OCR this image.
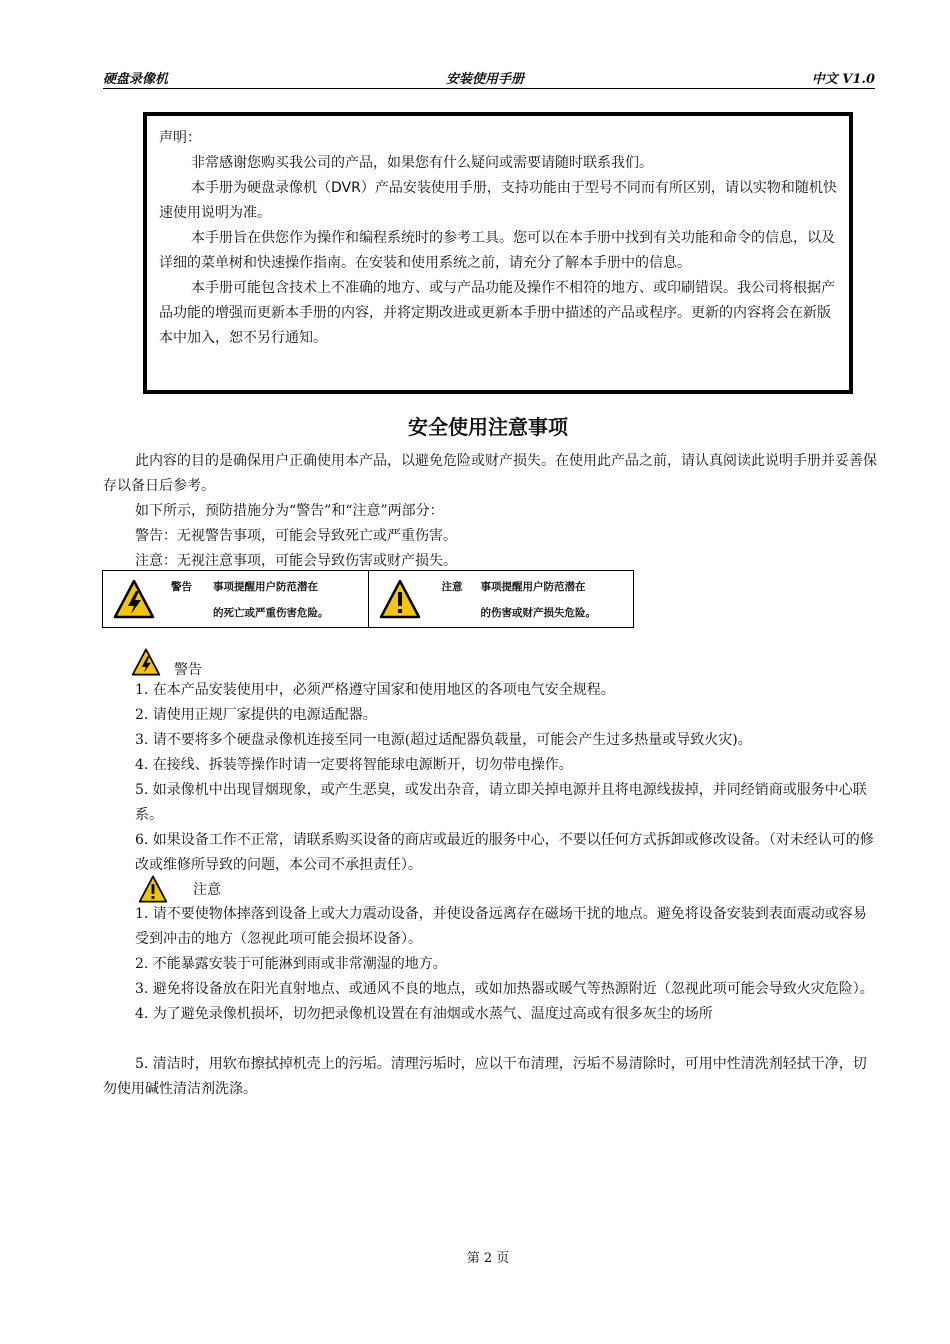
硬盘录像机	安装使用手册	中文 V1.0

声明：

非常感谢您购买我公司的产品，如果您有什么疑问或需要请随时联系我们。

本手册为硬盘录像机（DVR）产品安装使用手册，支持功能由于型号不同而有所区别，请以实物和随机快速使用说明为准。

本手册旨在供您作为操作和编程系统时的参考工具。您可以在本手册中找到有关功能和命令的信息，以及详细的菜单树和快速操作指南。在安装和使用系统之前，请充分了解本手册中的信息。

本手册可能包含技术上不准确的地方、或与产品功能及操作不相符的地方、或印刷错误。我公司将根据产品功能的增强而更新本手册的内容，并将定期改进或更新本手册中描述的产品或程序。更新的内容将会在新版本中加入，恕不另行通知。

安全使用注意事项

此内容的目的是确保用户正确使用本产品，以避免危险或财产损失。在使用此产品之前，请认真阅读此说明手册并妥善保存以备日后参考。

如下所示，预防措施分为“警告”和“注意”两部分：

警告：无视警告事项，可能会导致死亡或严重伤害。

注意：无视注意事项，可能会导致伤害或财产损失。

警告 事项提醒用户防范潜在
的死亡或严重伤害危险。
注意 事项提醒用户防范潜在
的伤害或财产损失危险。
警告

1. 在本产品安装使用中，必须严格遵守国家和使用地区的各项电气安全规程。

2. 请使用正规厂家提供的电源适配器。

3. 请不要将多个硬盘录像机连接至同一电源(超过适配器负载量，可能会产生过多热量或导致火灾)。

4. 在接线、拆装等操作时请一定要将智能球电源断开，切勿带电操作。

5. 如录像机中出现冒烟现象，或产生恶臭，或发出杂音，请立即关掉电源并且将电源线拔掉，并同经销商或服务中心联系。

6. 如果设备工作不正常，请联系购买设备的商店或最近的服务中心，不要以任何方式拆卸或修改设备。（对未经认可的修改或维修所导致的问题，本公司不承担责任）。

注意

1. 请不要使物体摔落到设备上或大力震动设备，并使设备远离存在磁场干扰的地点。避免将设备安装到表面震动或容易受到冲击的地方（忽视此项可能会损坏设备）。

2. 不能暴露安装于可能淋到雨或非常潮湿的地方。

3. 避免将设备放在阳光直射地点、或通风不良的地点，或如加热器或暖气等热源附近（忽视此项可能会导致火灾危险）。

4. 为了避免录像机损坏，切勿把录像机设置在有油烟或水蒸气、温度过高或有很多灰尘的场所

5. 清洁时，用软布擦拭掉机壳上的污垢。清理污垢时，应以干布清理，污垢不易清除时，可用中性清洗剂轻拭干净，切勿使用碱性清洁剂洗涤。

第 2 页
